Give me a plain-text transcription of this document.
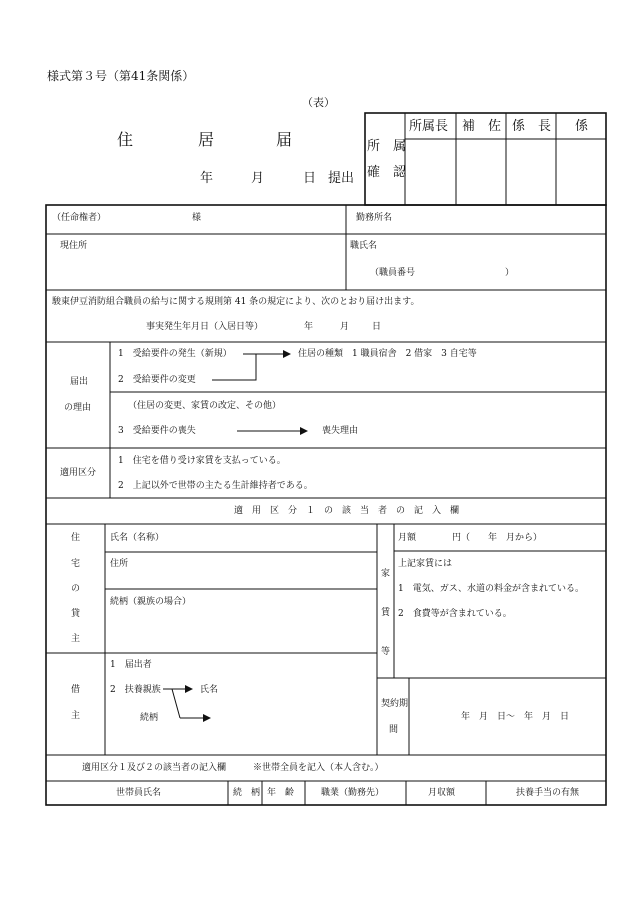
様式第３号（第41条関係）
（表）
住	居	届
年	月	日 提出
所　属
確　認
所属長 補　佐 係　長 係
（任命権者）	様	勤務所名
現住所	職氏名
（職員番号　　　　　　　　　　）
駿東伊豆消防組合職員の給与に関する規則第 41 条の規定により、次のとおり届け出ます。
事実発生年月日（入居日等）	年	月	日
届出
の理由
1　受給要件の発生（新規）	住居の種類　1 職員宿舎　2 借家　3 自宅等
2　受給要件の変更
（住居の変更、家賃の改定、その他）
3　受給要件の喪失	喪失理由
適用区分
1　住宅を借り受け家賃を支払っている。
2　上記以外で世帯の主たる生計維持者である。
適　用　区　分　１　の　該　当　者　の　記　入　欄
住
宅
の
貸
主
氏名（名称）
住所
続柄（親族の場合）
借
主
1　届出者
2　扶養親族	氏名
続柄
家
賃
等
月額　　　　円（　　年　月から）
上記家賃には
1　電気、ガス、水道の料金が含まれている。
2　食費等が含まれている。
契約期
間
年　月　日～　年　月　日
適用区分１及び２の該当者の記入欄　　　※世帯全員を記入（本人含む。）
世帯員氏名	続　柄 年　齢	職業（勤務先）	月収額	扶養手当の有無
